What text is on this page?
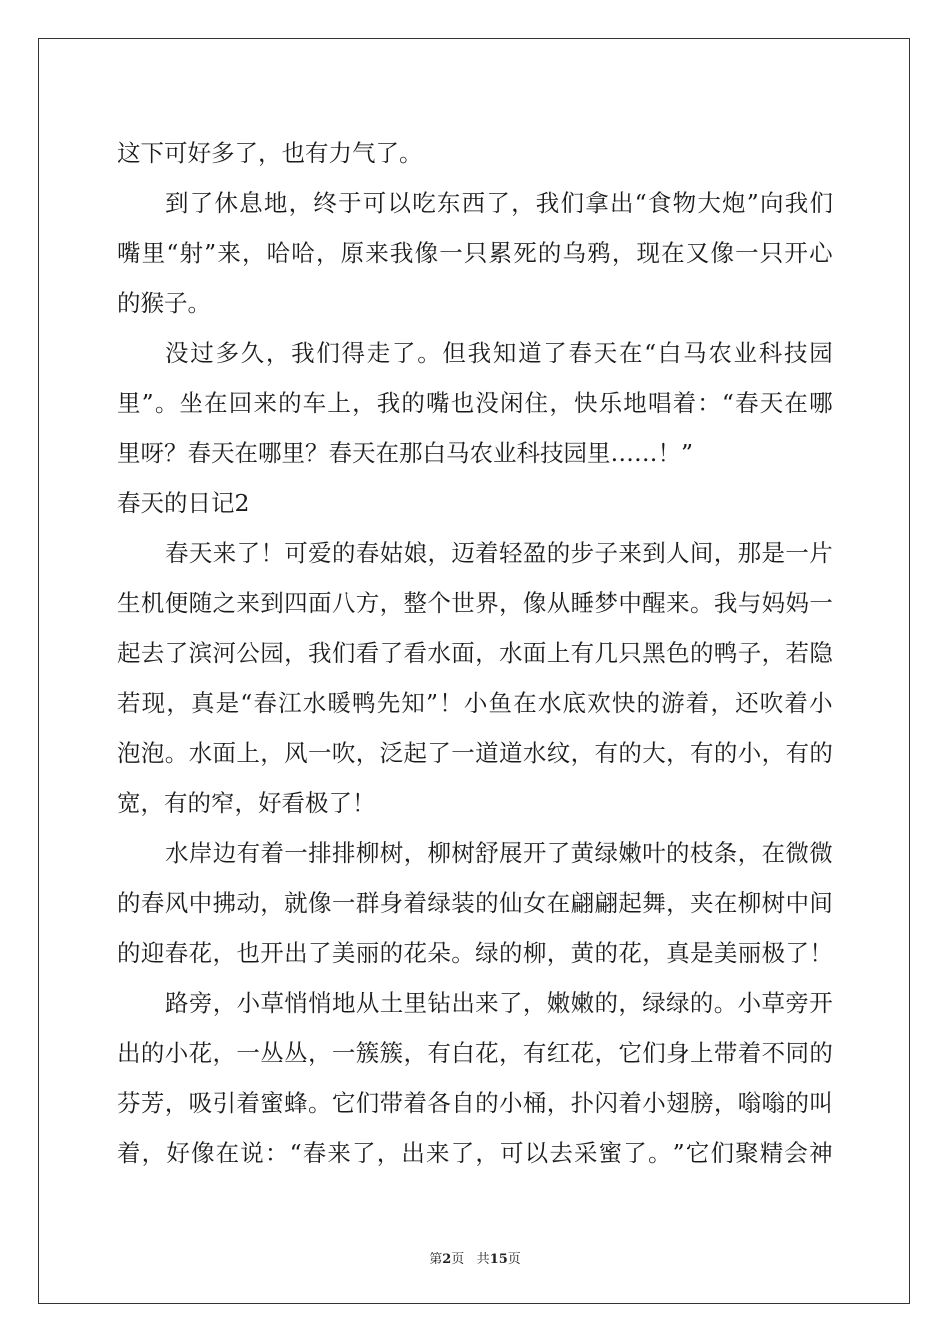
这下可好多了，也有力气了。
到 了 休 息 地 ， 终 于 可 以 吃 东 西 了 ， 我 们 拿 出 “ 食 物 大 炮 ” 向 我 们
嘴 里 “ 射 ” 来 ， 哈 哈 ， 原 来 我 像 一 只 累 死 的 乌 鸦 ， 现 在 又 像 一 只 开 心
的猴子。
没 过 多 久 ， 我 们 得 走 了 。 但 我 知 道 了 春 天 在 “ 白 马 农 业 科 技 园
里 ” 。 坐 在 回 来 的 车 上 ， 我 的 嘴 也 没 闲 住 ， 快 乐 地 唱 着 ： “ 春 天 在 哪
里呀？春天在哪里？春天在那白马农业科技园里……！”
春天的日记2
春 天 来 了 ！ 可 爱 的 春 姑 娘 ， 迈 着 轻 盈 的 步 子 来 到 人 间 ， 那 是 一 片
生 机 便 随 之 来 到 四 面 八 方 ， 整 个 世 界 ， 像 从 睡 梦 中 醒 来 。 我 与 妈 妈 一
起 去 了 滨 河 公 园 ， 我 们 看 了 看 水 面 ， 水 面 上 有 几 只 黑 色 的 鸭 子 ， 若 隐
若 现 ， 真 是 “ 春 江 水 暖 鸭 先 知 ” ！ 小 鱼 在 水 底 欢 快 的 游 着 ， 还 吹 着 小
泡 泡 。 水 面 上 ， 风 一 吹 ， 泛 起 了 一 道 道 水 纹 ， 有 的 大 ， 有 的 小 ， 有 的
宽，有的窄，好看极了！
水 岸 边 有 着 一 排 排 柳 树 ， 柳 树 舒 展 开 了 黄 绿 嫩 叶 的 枝 条 ， 在 微 微
的 春 风 中 拂 动 ， 就 像 一 群 身 着 绿 装 的 仙 女 在 翩 翩 起 舞 ， 夹 在 柳 树 中 间
的 迎 春 花 ， 也 开 出 了 美 丽 的 花 朵 。 绿 的 柳 ， 黄 的 花 ， 真 是 美 丽 极 了 ！
路 旁 ， 小 草 悄 悄 地 从 土 里 钻 出 来 了 ， 嫩 嫩 的 ， 绿 绿 的 。 小 草 旁 开
出 的 小 花 ， 一 丛 丛 ， 一 簇 簇 ， 有 白 花 ， 有 红 花 ， 它 们 身 上 带 着 不 同 的
芬 芳 ， 吸 引 着 蜜 蜂 。 它 们 带 着 各 自 的 小 桶 ， 扑 闪 着 小 翅 膀 ， 嗡 嗡 的 叫
着 ， 好 像 在 说 ： “ 春 来 了 ， 出 来 了 ， 可 以 去 采 蜜 了 。 ” 它 们 聚 精 会 神
第2页 共15页
